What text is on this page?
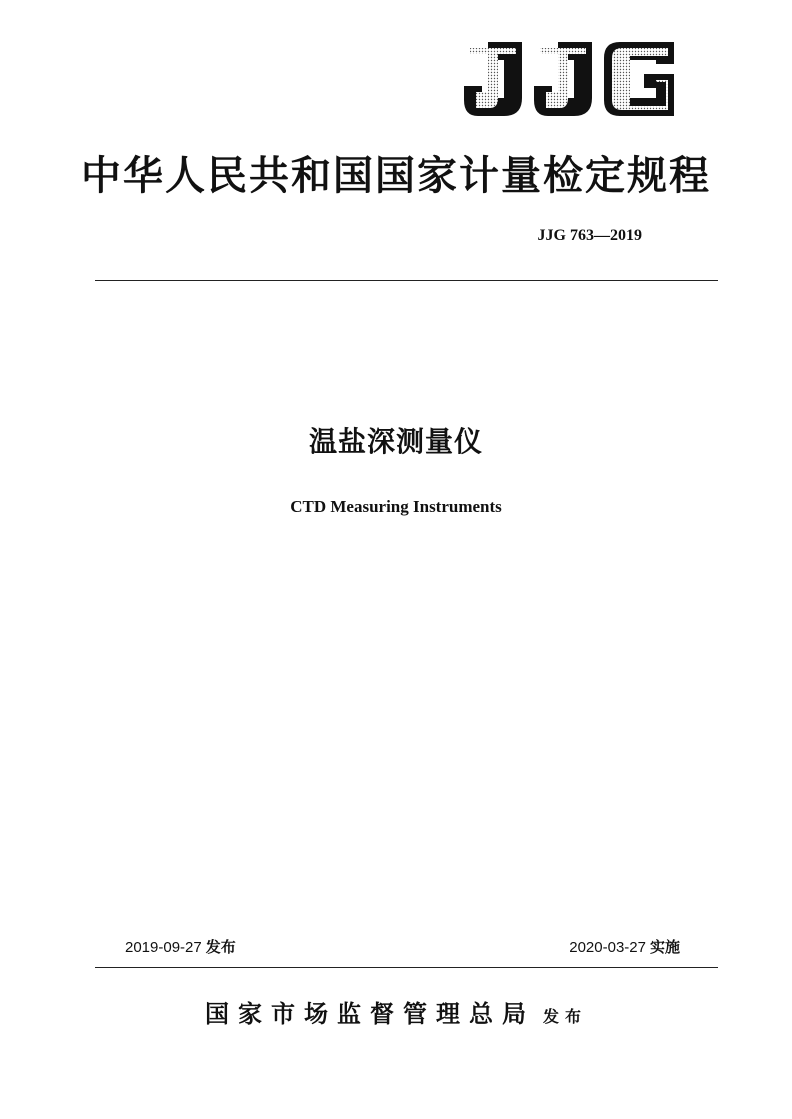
中华人民共和国国家计量检定规程
JJG 763—2019
温盐深测量仪
CTD Measuring Instruments
2019-09-27 发布	2020-03-27 实施
国家市场监督管理总局 发布
